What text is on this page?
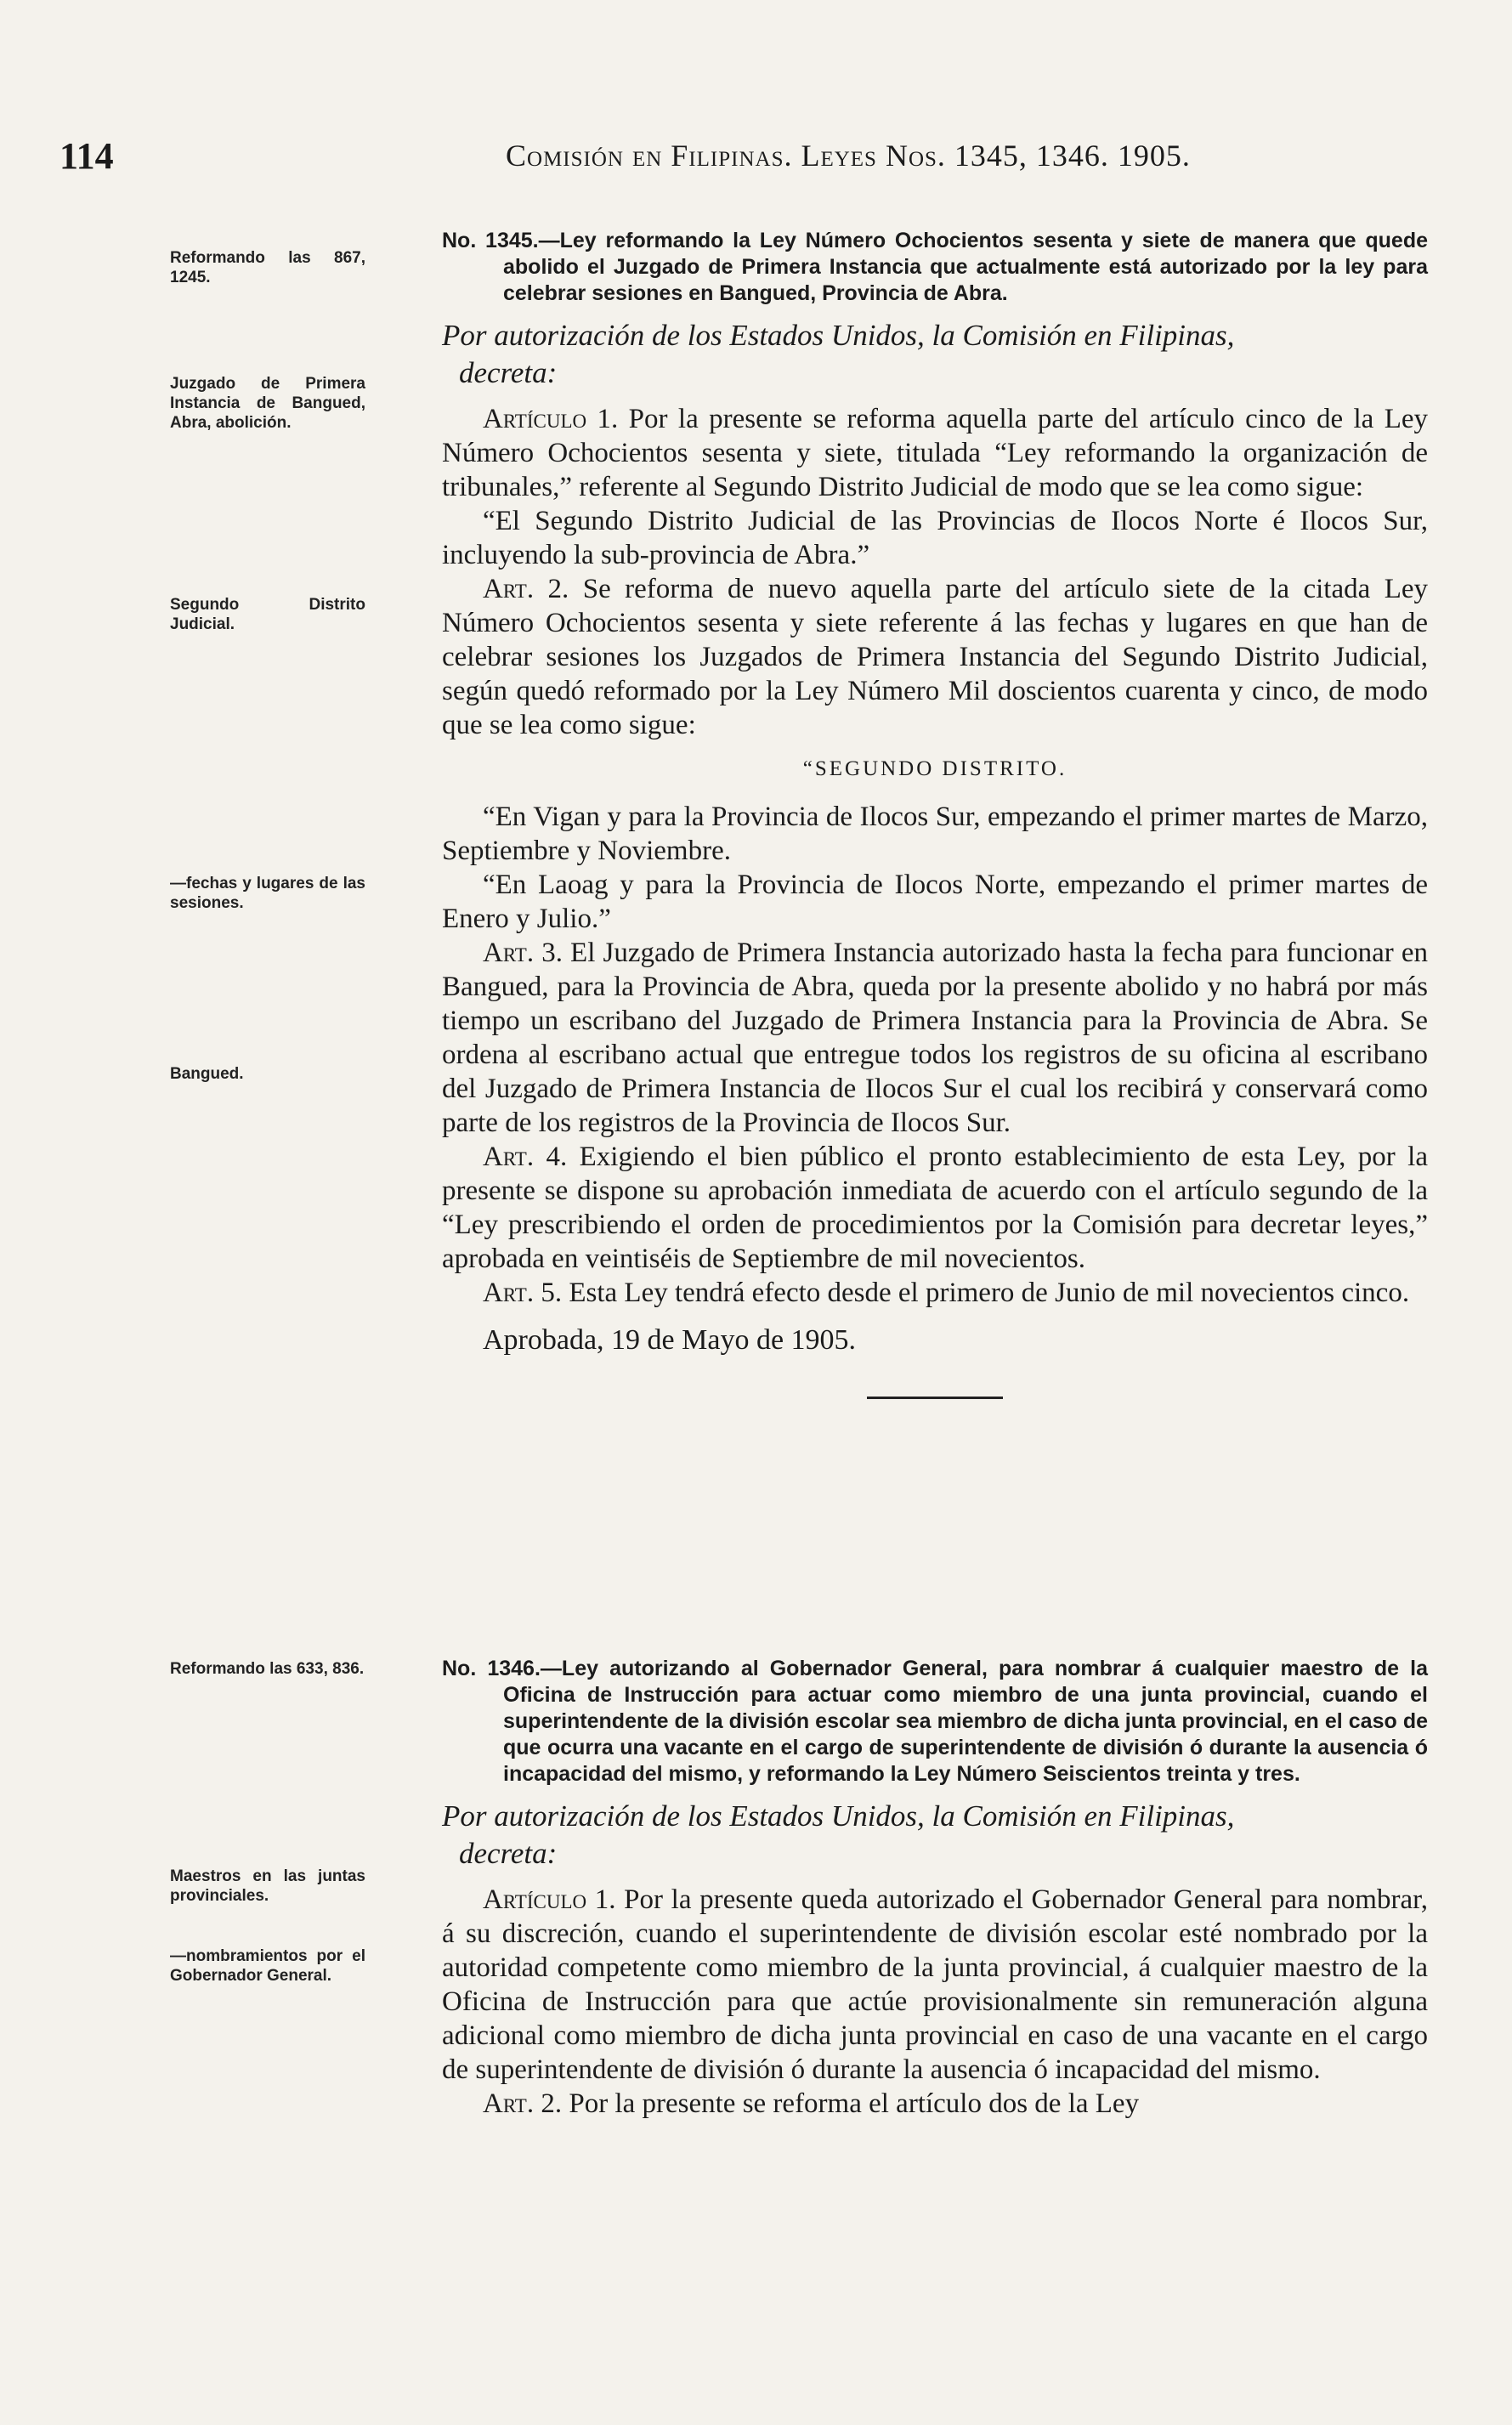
114	Comisión en Filipinas. Leyes Nos. 1345, 1346. 1905.
Reformando las 867, 1245.
Juzgado de Primera Instancia de Bangued, Abra, abolición.
Segundo Distrito Judicial.
—fechas y lugares de las sesiones.
Bangued.
Reformando las 633, 836.
Maestros en las juntas provinciales.
—nombramientos por el Gobernador General.
No. 1345.—Ley reformando la Ley Número Ochocientos sesenta y siete de manera que quede abolido el Juzgado de Primera Instancia que actualmente está autorizado por la ley para celebrar sesiones en Bangued, Provincia de Abra.
Por autorización de los Estados Unidos, la Comisión en Filipinas,
decreta:

Artículo 1. Por la presente se reforma aquella parte del artículo cinco de la Ley Número Ochocientos sesenta y siete, titulada “Ley reformando la organización de tribunales,” referente al Segundo Distrito Judicial de modo que se lea como sigue:

“El Segundo Distrito Judicial de las Provincias de Ilocos Norte é Ilocos Sur, incluyendo la sub-provincia de Abra.”

Art. 2. Se reforma de nuevo aquella parte del artículo siete de la citada Ley Número Ochocientos sesenta y siete referente á las fechas y lugares en que han de celebrar sesiones los Juzgados de Primera Instancia del Segundo Distrito Judicial, según quedó reformado por la Ley Número Mil doscientos cuarenta y cinco, de modo que se lea como sigue:

“SEGUNDO DISTRITO.

“En Vigan y para la Provincia de Ilocos Sur, empezando el primer martes de Marzo, Septiembre y Noviembre.

“En Laoag y para la Provincia de Ilocos Norte, empezando el primer martes de Enero y Julio.”

Art. 3. El Juzgado de Primera Instancia autorizado hasta la fecha para funcionar en Bangued, para la Provincia de Abra, queda por la presente abolido y no habrá por más tiempo un escribano del Juzgado de Primera Instancia para la Provincia de Abra. Se ordena al escribano actual que entregue todos los registros de su oficina al escribano del Juzgado de Primera Instancia de Ilocos Sur el cual los recibirá y conservará como parte de los registros de la Provincia de Ilocos Sur.

Art. 4. Exigiendo el bien público el pronto establecimiento de esta Ley, por la presente se dispone su aprobación inmediata de acuerdo con el artículo segundo de la “Ley prescribiendo el orden de procedimientos por la Comisión para decretar leyes,” aprobada en veintiséis de Septiembre de mil novecientos.

Art. 5. Esta Ley tendrá efecto desde el primero de Junio de mil novecientos cinco.

Aprobada, 19 de Mayo de 1905.
No. 1346.—Ley autorizando al Gobernador General, para nombrar á cualquier maestro de la Oficina de Instrucción para actuar como miembro de una junta provincial, cuando el superintendente de la división escolar sea miembro de dicha junta provincial, en el caso de que ocurra una vacante en el cargo de superintendente de división ó durante la ausencia ó incapacidad del mismo, y reformando la Ley Número Seiscientos treinta y tres.
Por autorización de los Estados Unidos, la Comisión en Filipinas,
decreta:

Artículo 1. Por la presente queda autorizado el Gobernador General para nombrar, á su discreción, cuando el superintendente de división escolar esté nombrado por la autoridad competente como miembro de la junta provincial, á cualquier maestro de la Oficina de Instrucción para que actúe provisionalmente sin remuneración alguna adicional como miembro de dicha junta provincial en caso de una vacante en el cargo de superintendente de división ó durante la ausencia ó incapacidad del mismo.

Art. 2. Por la presente se reforma el artículo dos de la Ley
